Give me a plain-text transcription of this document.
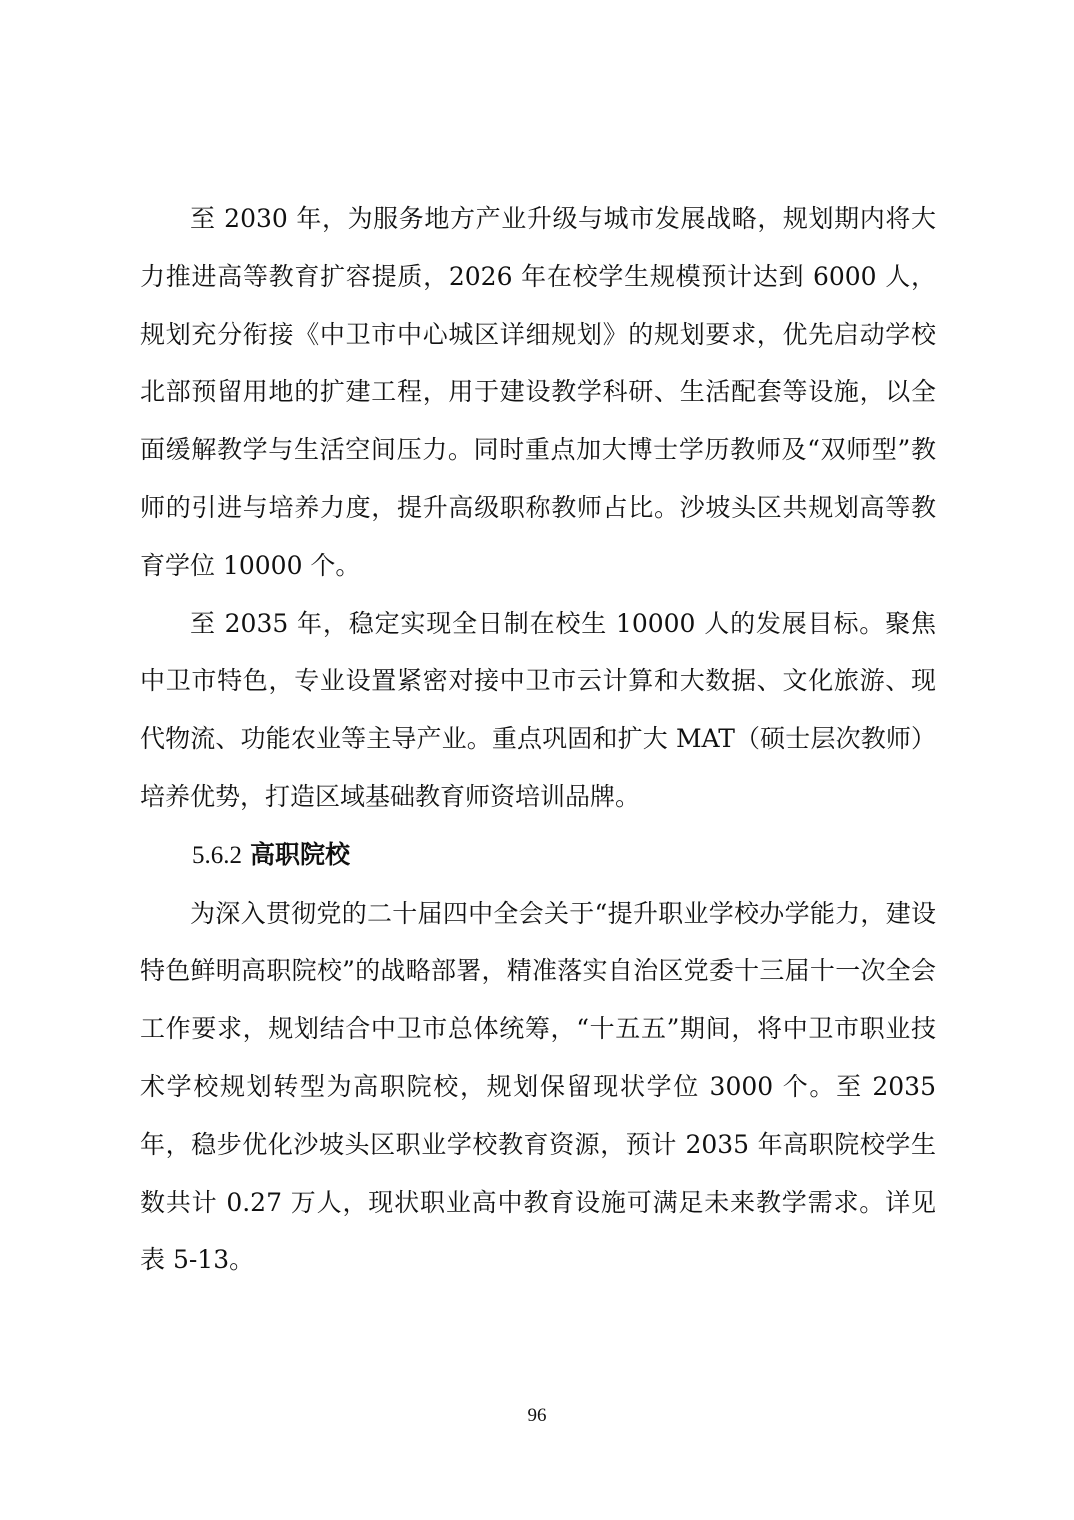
至 2030 年，为服务地方产业升级与城市发展战略，规划期内将大力推进高等教育扩容提质，2026 年在校学生规模预计达到 6000 人，规划充分衔接《中卫市中心城区详细规划》的规划要求，优先启动学校北部预留用地的扩建工程，用于建设教学科研、生活配套等设施，以全面缓解教学与生活空间压力。同时重点加大博士学历教师及“双师型”教师的引进与培养力度，提升高级职称教师占比。沙坡头区共规划高等教育学位 10000 个。

至 2035 年，稳定实现全日制在校生 10000 人的发展目标。聚焦中卫市特色，专业设置紧密对接中卫市云计算和大数据、文化旅游、现代物流、功能农业等主导产业。重点巩固和扩大 MAT（硕士层次教师）培养优势，打造区域基础教育师资培训品牌。

5.6.2 高职院校

为深入贯彻党的二十届四中全会关于“提升职业学校办学能力，建设特色鲜明高职院校”的战略部署，精准落实自治区党委十三届十一次全会工作要求，规划结合中卫市总体统筹，“十五五”期间，将中卫市职业技术学校规划转型为高职院校，规划保留现状学位 3000 个。至 2035 年，稳步优化沙坡头区职业学校教育资源，预计 2035 年高职院校学生数共计 0.27 万人，现状职业高中教育设施可满足未来教学需求。详见表 5-13。

96
